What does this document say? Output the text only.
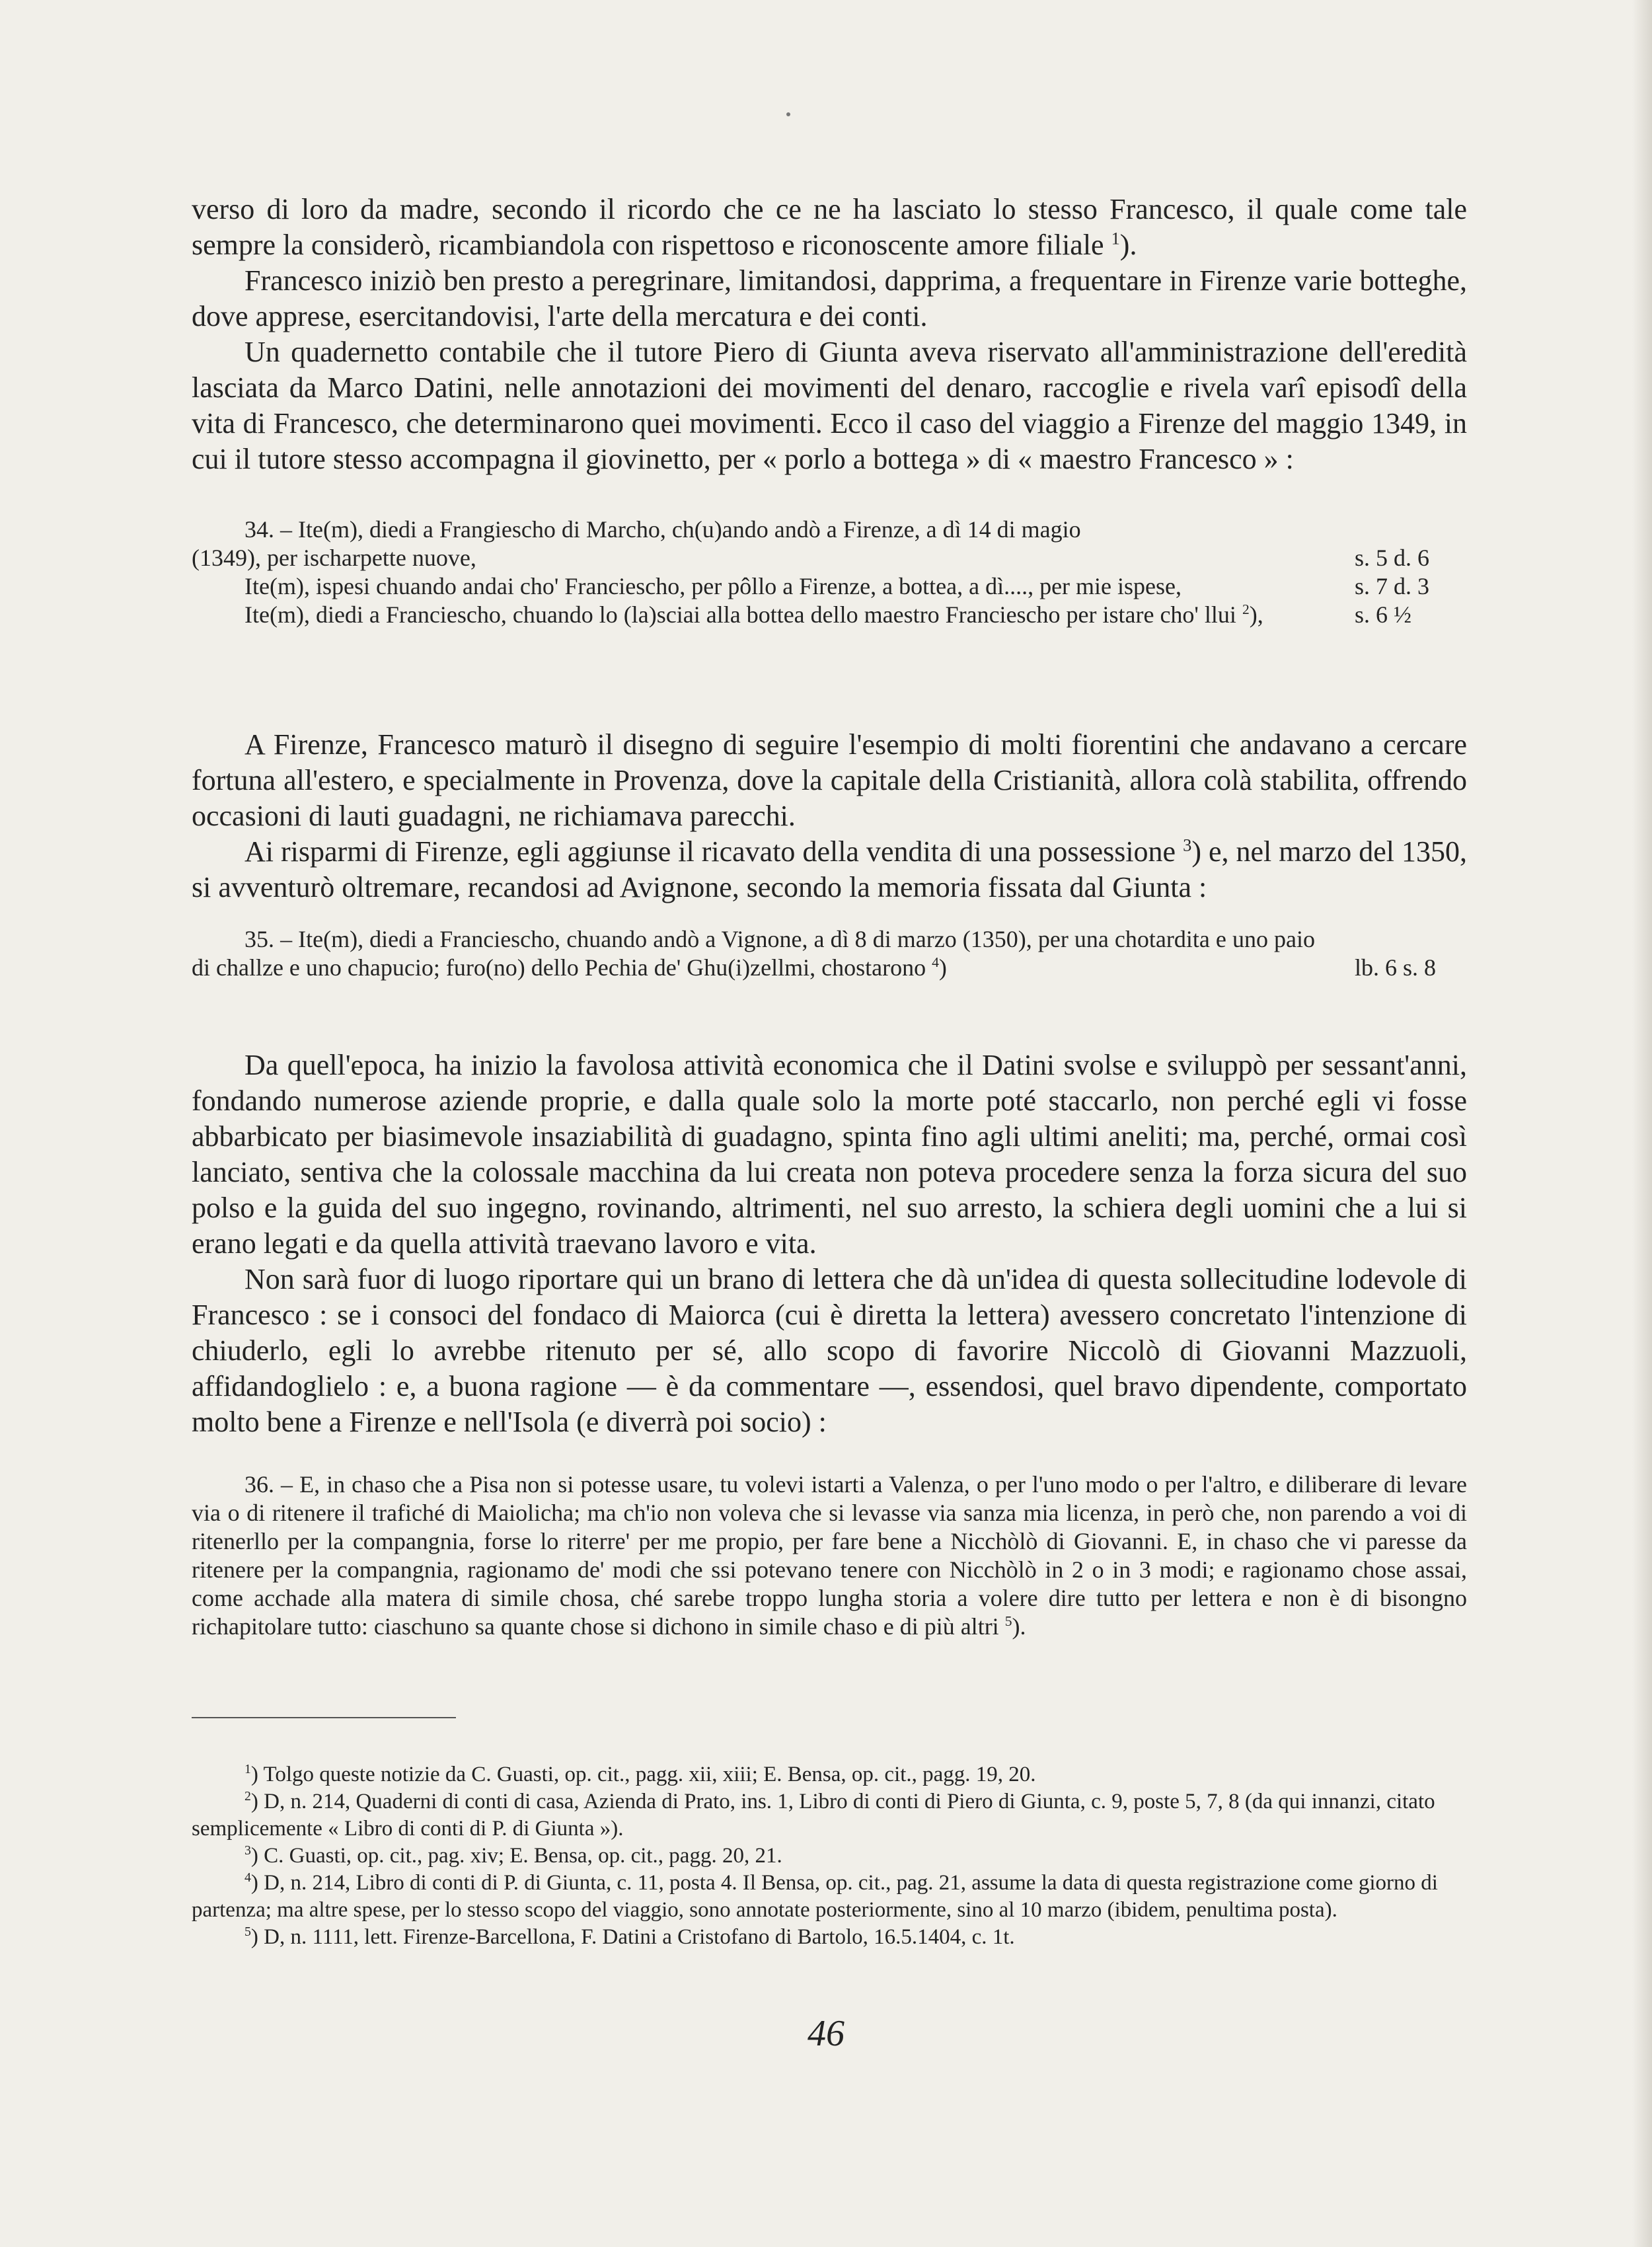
verso di loro da madre, secondo il ricordo che ce ne ha lasciato lo stesso Francesco, il quale come tale sempre la considerò, ricambiandola con rispettoso e riconoscente amore filiale $^1$).

Francesco iniziò ben presto a peregrinare, limitandosi, dapprima, a frequentare in Firenze varie botteghe, dove apprese, esercitandovisi, l'arte della mercatura e dei conti.

Un quadernetto contabile che il tutore Piero di Giunta aveva riservato all'amministrazione dell'eredità lasciata da Marco Datini, nelle annotazioni dei movimenti del denaro, raccoglie e rivela varî episodî della vita di Francesco, che determinarono quei movimenti. Ecco il caso del viaggio a Firenze del maggio 1349, in cui il tutore stesso accompagna il giovinetto, per « porlo a bottega » di « maestro Francesco » :

34. – Ite(m), diedi a Frangiescho di Marcho, ch(u)ando andò a Firenze, a dì 14 di magio
(1349), per ischarpette nuove,	s. 5 d. 6
Ite(m), ispesi chuando andai cho' Franciescho, per pôllo a Firenze, a bottea, a dì...., per mie ispese,	s. 7 d. 3
Ite(m), diedi a Franciescho, chuando lo (la)sciai alla bottea dello maestro Franciescho per istare cho' llui $^2$),	s. 6 ½

A Firenze, Francesco maturò il disegno di seguire l'esempio di molti fiorentini che andavano a cercare fortuna all'estero, e specialmente in Provenza, dove la capitale della Cristianità, allora colà stabilita, offrendo occasioni di lauti guadagni, ne richiamava parecchi.

Ai risparmi di Firenze, egli aggiunse il ricavato della vendita di una possessione $^3$) e, nel marzo del 1350, si avventurò oltremare, recandosi ad Avignone, secondo la memoria fissata dal Giunta :

35. – Ite(m), diedi a Franciescho, chuando andò a Vignone, a dì 8 di marzo (1350), per una chotardita e uno paio di challze e uno chapucio; furo(no) dello Pechia de' Ghu(i)zellmi, chostarono $^4$)	lb. 6 s. 8

Da quell'epoca, ha inizio la favolosa attività economica che il Datini svolse e sviluppò per sessant'anni, fondando numerose aziende proprie, e dalla quale solo la morte poté staccarlo, non perché egli vi fosse abbarbicato per biasimevole insaziabilità di guadagno, spinta fino agli ultimi aneliti; ma, perché, ormai così lanciato, sentiva che la colossale macchina da lui creata non poteva procedere senza la forza sicura del suo polso e la guida del suo ingegno, rovinando, altrimenti, nel suo arresto, la schiera degli uomini che a lui si erano legati e da quella attività traevano lavoro e vita.

Non sarà fuor di luogo riportare qui un brano di lettera che dà un'idea di questa sollecitudine lodevole di Francesco : se i consoci del fondaco di Maiorca (cui è diretta la lettera) avessero concretato l'intenzione di chiuderlo, egli lo avrebbe ritenuto per sé, allo scopo di favorire Niccolò di Giovanni Mazzuoli, affidandoglielo : e, a buona ragione — è da commentare —, essendosi, quel bravo dipendente, comportato molto bene a Firenze e nell'Isola (e diverrà poi socio) :

36. – E, in chaso che a Pisa non si potesse usare, tu volevi istarti a Valenza, o per l'uno modo o per l'altro, e diliberare di levare via o di ritenere il trafiché di Maiolicha; ma ch'io non voleva che si levasse via sanza mia licenza, in però che, non parendo a voi di ritenerllo per la compangnia, forse lo riterre' per me propio, per fare bene a Nicchòlò di Giovanni. E, in chaso che vi paresse da ritenere per la compangnia, ragionamo de' modi che ssi potevano tenere con Nicchòlò in 2 o in 3 modi; e ragionamo chose assai, come acchade alla matera di simile chosa, ché sarebe troppo lungha storia a volere dire tutto per lettera e non è di bisongno richapitolare tutto: ciaschuno sa quante chose si dichono in simile chaso e di più altri $^5$).

$^1$) Tolgo queste notizie da C. Guasti, op. cit., pagg. xii, xiii; E. Bensa, op. cit., pagg. 19, 20.

$^2$) D, n. 214, Quaderni di conti di casa, Azienda di Prato, ins. 1, Libro di conti di Piero di Giunta, c. 9, poste 5, 7, 8 (da qui innanzi, citato semplicemente « Libro di conti di P. di Giunta »).

$^3$) C. Guasti, op. cit., pag. xiv; E. Bensa, op. cit., pagg. 20, 21.

$^4$) D, n. 214, Libro di conti di P. di Giunta, c. 11, posta 4. Il Bensa, op. cit., pag. 21, assume la data di questa registrazione come giorno di partenza; ma altre spese, per lo stesso scopo del viaggio, sono annotate posteriormente, sino al 10 marzo (ibidem, penultima posta).

$^5$) D, n. 1111, lett. Firenze-Barcellona, F. Datini a Cristofano di Bartolo, 16.5.1404, c. 1t.

46
